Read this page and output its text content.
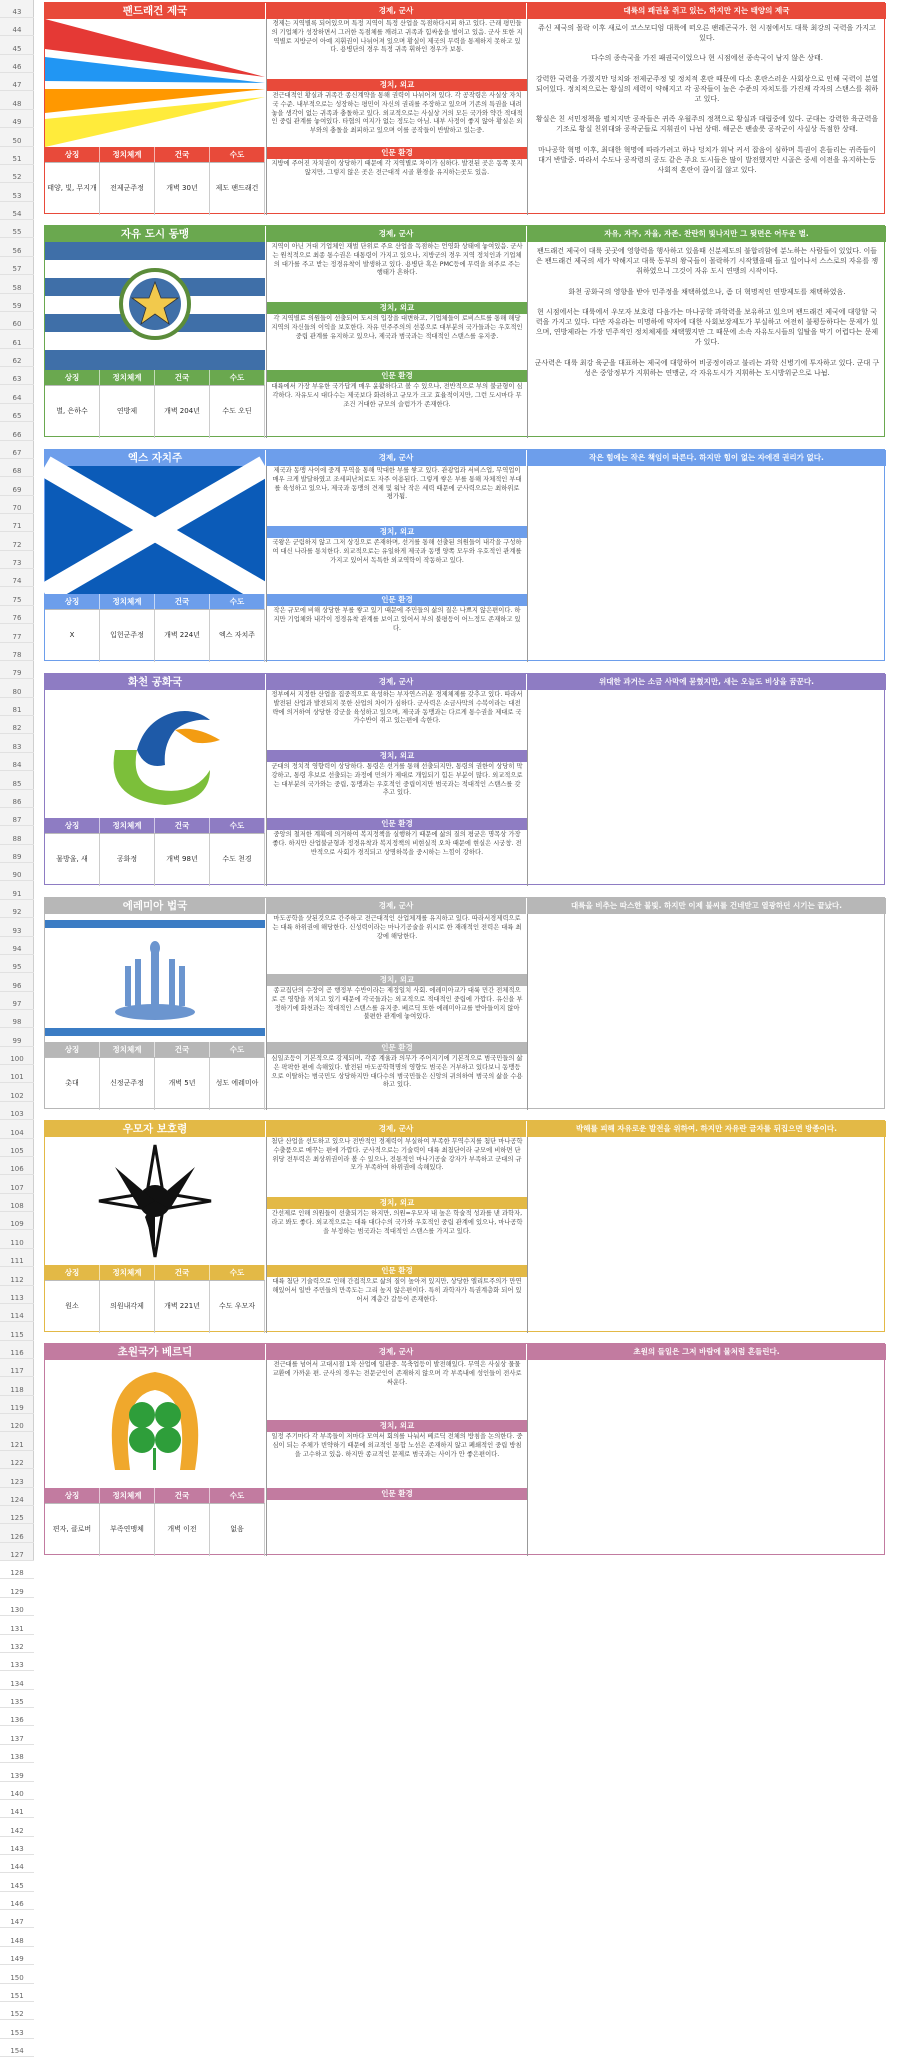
43
44
45
46
47
48
49
50
51
52
53
54
55
56
57
58
59
60
61
62
63
64
65
66
67
68
69
70
71
72
73
74
75
76
77
78
79
80
81
82
83
84
85
86
87
88
89
90
91
92
93
94
95
96
97
98
99
100
101
102
103
104
105
106
107
108
109
110
111
112
113
114
115
116
117
118
119
120
121
122
123
124
125
126
127
128
129
130
131
132
133
134
135
136
137
138
139
140
141
142
143
144
145
146
147
148
149
150
151
152
153
154
팬드래건 제국	경제, 군사	대륙의 패권을 쥐고 있는, 하지만 지는 태양의 제국
상징	정치체계	건국	수도
태양, 빛, 무지개	전제군주정	개벽 30년	제도 팬드래건
경제는 지역별록 되어있으며 특정 지역이 특정 산업을 독점하다시피 하고 있다. 근래 평민들의 기업체가 성장하면서 그러한 독점체를 깨려고 귀족과 힘싸움을 벌이고 있음. 군사 또한 지역별로 지방군이 아예 지휘권이 나뉘어져 있으며 황실이 제국의 무력을 통제하지 못하고 있다. 용병단의 경우 특정 귀족 휘하인 경우가 보통.
정치, 외교
전근대적인 황실과 귀족간 종신계약을 통해 권력이 나뉘어져 있다. 각 공작령은 사실상 자치국 수준. 내부적으로는 성장하는 평민이 자신의 권리를 주장하고 있으며 기존의 특권을 내려놓을 생각이 없는 귀족과 충돌하고 있다. 외교적으로는 사실상 거의 모든 국가와 약간 적대적인 중립 관계를 놓여있다. 타협의 여지가 없는 정도는 아님. 내부 사정이 좋지 않아 황실은 외부와의 충돌을 최피하고 있으며 이를 공작들이 반발하고 있는중.
인문 환경
지방에 주어진 자치권이 상당하기 때문에 각 지역별로 차이가 심하다. 발전된 곳은 동쪽 못지 않지만, 그렇지 않은 곳은 전근대적 시골 환경을 유지하는곳도 있음.
쥬신 제국의 몰락 이후 새로이 코스모디엄 대륙에 떠오른 팬레곤국가. 현 시점에서도 대륙 최강의 국력을 가지고 있다.

다수의 종속국을 가진 패권국이었으나 현 시점에선 종속국이 남지 않은 상태.

강력한 국력을 가졌지만 덩치와 전제군주정 및 정치적 혼란 때문에 다소 혼란스러운 사회상으로 인해 국력이 분열되어있다. 정치적으로는 황실의 세력이 약해지고 각 공작들이 높은 수준의 자치도를 가진채 각자의 스탠스를 취하고 있다.

황실은 친 서민정책을 펼치지만 공작들은 귀족 우월주의 정책으로 황실과 대립중에 있다. 군대는 강력한 육군력을 기조로 황실 친위대와 공작군들로 지휘권이 나뉜 상태. 해군은 팬솔릇 공작군이 사실상 독점한 상태.

마나공학 혁명 이후, 최대한 혁명에 따라가려고 하나 덩치가 워낙 커서 잡음이 심하며 특권이 흔들리는 귀족들이 대거 반발중. 따라서 수도나 공작령의 공도 같은 주요 도시들은 많이 발전했지만 시골은 중세 이전을 유지하는등 사회적 혼란이 끊이질 않고 있다.
자유 도시 동맹	경제, 군사	자유, 자주, 자율, 자존. 찬란히 빛나지만 그 뒷면은 어두운 별.
상징	정치체계	건국	수도
별, 은하수	연방제	개벽 204년	수도 오딘
지역이 아닌 거대 기업체인 재벌 단위로 주요 산업을 독점하는 언영화 상태에 놓여있음. 군사는 원칙적으로 최종 통수권은 대통령이 가지고 있으나, 지방군의 경우 지역 정치인과 기업체의 대가를 주고 받는 정경유착이 발생하고 있다. 용병단 혹은 PMC등에 무력을 외주로 주는 행태가 흔하다.
정치, 외교
각 지역별로 의원들이 선출되어 도시의 입장을 대변하고, 기업체들이 로비스트를 통해 해당 지역의 자신들의 이익을 보호한다. 자유 민주주의의 선봉으로 대부분의 국가들과는 우호적인 중립 관계를 유지하고 있으나, 제국과 범국과는 적대적인 스탠스를 유지중.
인문 환경
대륙에서 가장 부유한 국가답게 매우 윤활하다고 볼 수 있으나, 전반적으로 부의 불균형이 심각하다. 자유도시 대다수는 제국보다 화려하고 규모가 크고 효율적이지만, 그런 도시마다 무조건 거대한 규모의 슬럼가가 존재한다.
팬드래건 제국이 대륙 곳곳에 영향력을 행사하고 있을때 신분제도의 불합리함에 분노하는 사람들이 있었다. 이들은 팬드래건 제국의 세가 약해지고 대륙 동부의 왕국들이 몰락하기 시작했을때 들고 일어나서 스스로의 자유를 쟁취하였으니 그것이 자유 도시 연맹의 시작이다.

화천 공화국의 영향을 받아 민주정을 채택하였으나, 좀 더 혁명적인 연방제도를 채택하였음.

현 시점에서는 대륙에서 우모자 보호령 다음가는 마나공학 과학력을 보유하고 있으며 팬드래건 제국에 대항할 국력을 가지고 있다. 다만 자유라는 미명하에 약자에 대한 사회보장제도가 부실하고 여전히 불평등하다는 문제가 있으며, 연방제라는 가장 민주적인 정치체제를 채택했지만 그 때문에 소속 자유도시들의 일탈을 막기 어렵다는 문제가 있다.

군사력은 대륙 최강 육군을 대표하는 제국에 대항하여 비공정이라고 불리는 과학 신병기에 투자하고 있다. 군대 구성은 중앙정부가 지휘하는 연맹군, 각 자유도시가 지휘하는 도시방위군으로 나뉨.
엑스 자치주	경제, 군사	작은 힘에는 작은 책임이 따른다. 하지만 힘이 없는 자에겐 권리가 없다.
상징	정치체계	건국	수도
X	입헌군주정	개벽 224년	엑스 자치주
제국과 동맹 사이에 중계 무역을 통해 막대한 부를 쌓고 있다. 관광업과 서비스업, 무역업이 매우 크게 발달하였고 조세피난처로도 자주 이용된다. 그렇게 쌓은 부를 통해 자체적인 부대를 육성하고 있으나, 제국과 동맹의 견제 및 워낙 작은 세력 때문에 군사력으로는 최하위로 평가됨.
정치, 외교
국왕은 군림하지 않고 그저 상징으로 존재하며, 선거를 통해 선출된 의원들이 내각을 구성하여 대신 나라를 통치한다. 외교적으로는 유일하게 제국과 동맹 양쪽 모두와 우호적인 관계를 가지고 있어서 독특한 외교역학이 작동하고 있다.
인문 환경
작은 규모에 비해 상당한 부를 쌓고 있기 때문에 주민들의 삶의 질은 나쁘지 않은편이다. 하지만 기업체와 내각이 정경유착 관계를 보이고 있어서 부의 불평등이 어느정도 존재하고 있다.
화천 공화국	경제, 군사	위대한 과거는 소금 사막에 묻혔지만, 새는 오늘도 비상을 꿈꾼다.
상징	정치체계	건국	수도
물방울, 새	공화정	개벽 98년	수도 천경
정부에서 지정한 산업을 집중적으로 육성하는 부자연스러운 경제체제를 갖추고 있다. 따라서 발전된 산업과 발전되지 못한 산업의 차이가 심하다. 군사력은 소금사막의 수복이라는 대전략에 의거하여 상당한 강군을 육성하고 있으며, 제국과 동맹과는 다르게 통수권을 제대로 국가수반이 쥐고 있는편에 속한다.
정치, 외교
군대의 정치적 영향력이 상당하다. 통령은 선거를 통해 선출되지만, 통령의 권한이 상당히 막강하고, 통령 후보로 선출되는 과정에 민의가 제대로 개입되기 힘든 부분이 많다. 외교적으로는 대부분의 국가와는 중립, 동맹과는 우호적인 중립이지만 범국과는 적대적인 스탠스를 갖추고 있다.
인문 환경
중앙의 철저한 계획에 의거하여 복지정책을 실행하기 때문에 삶의 질의 평균은 명목상 가장 좋다. 하지만 산업불균형과 정경유착과 복지정책의 비현실적 오차 때문에 현실은 시궁창. 전반적으로 사회가 경직되고 상명하복을 중시하는 느낌이 강하다.
에레미아 법국	경제, 군사	대륙을 비추는 따스한 불빛. 하지만 이제 불씨를 건네받고 열광하던 시기는 끝났다.
상징	정치체계	건국	수도
촛대	신정군주정	개벽 5년	성도 에레미아
마도공학을 삿된것으로 간주하고 전근대적인 산업체계를 유지하고 있다. 따라서경제력으로는 대륙 하위권에 해당한다. 신성력이라는 마나기공술을 위시로 한 재래적인 전력은 대륙 최강에 해당한다.
정치, 외교
종교집단의 수장이 곧 행정부 수반이라는 제정일치 사회. 에레미아교가 대륙 민간 전체적으로 큰 영향을 끼치고 있기 때문에 각국들과는 외교적으로 적대적인 중립에 가깝다. 유신을 부정하기에 화천과는 적대적인 스탠스를 유지중. 베르딕 또한 에레미아교를 받아들이지 않아 불편한 관계에 놓여있다.
인문 환경
심일조등이 기본적으로 강제되며, 각종 계율과 의무가 주어지기에 기본적으로 범국민들의 삶은 팍팍한 편에 속해있다. 발전된 마도공학혁명의 영향도 범국은 거부하고 있다보니 동맹등으로 이탈하는 범국민도 상당하지만 대다수의 범국민들은 신앙의 귀의하여 범국의 삶을 수용하고 있다.
우모자 보호령	경제, 군사	박해를 피해 자유로운 발전을 위하여. 하지만 자유란 글자를 뒤집으면 방종이다.
상징	정치체계	건국	수도
원소	의원내각제	개벽 221년	수도 우모자
첨단 산업을 선도하고 있으나 전반적인 경제력이 부실하여 부족한 무역수지를 첨단 마나공학 수출품으로 메꾸는 편에 가깝다. 군사적으로는 기술력이 대륙 최첨단이라 규모에 비하면 단위당 전투력은 최상위권이라 볼 수 있으나, 전통적인 마나기공술 강자가 부족하고 군대의 규모가 부족하여 하위권에 속해있다.
정치, 외교
간선제로 인해 의원들이 선출되기는 하지만, 의원=우모자 내 높은 학술적 성과를 낸 과학자, 라고 봐도 좋다. 외교적으로는 대륙 대다수의 국가와 우호적인 중립 관계에 있으나, 마나공학을 부정하는 범국과는 적대적인 스탠스를 가지고 있다.
인문 환경
대륙 첨단 기술력으로 인해 간접적으로 삶의 질이 높아져 있지만, 상당한 엘리트주의가 만연해있어서 일반 주민들의 만족도는 그리 높지 않은편이다. 특히 과학자가 특권계층화 되어 있어서 계층간 갈등이 존재한다.
초원국가 베르딕	경제, 군사	초원의 들일은 그저 바람에 물처럼 흔들린다.
상징	정치체계	건국	수도
편자, 클로버	부족연맹체	개벽 이전	없음
전근대를 넘어서 고대시절 1차 산업에 일관중. 목축업등이 발전해있다. 무역은 사실상 물물교환에 가까운 편. 군사의 경우는 전문군인이 존재하지 않으며 각 부족내에 성인들이 전사로 싸운다.
정치, 외교
일정 주기마다 각 부족들이 저마다 모여서 회의를 나눠서 베르딕 전체의 방침을 논의한다. 중심이 되는 주체가 빈약하기 때문에 외교적인 통합 노선은 존재하지 않고 폐쇄적인 중립 방침을 고수하고 있음. 하지만 종교적인 문제로 범국과는 사이가 안 좋은편이다.
인문 환경
